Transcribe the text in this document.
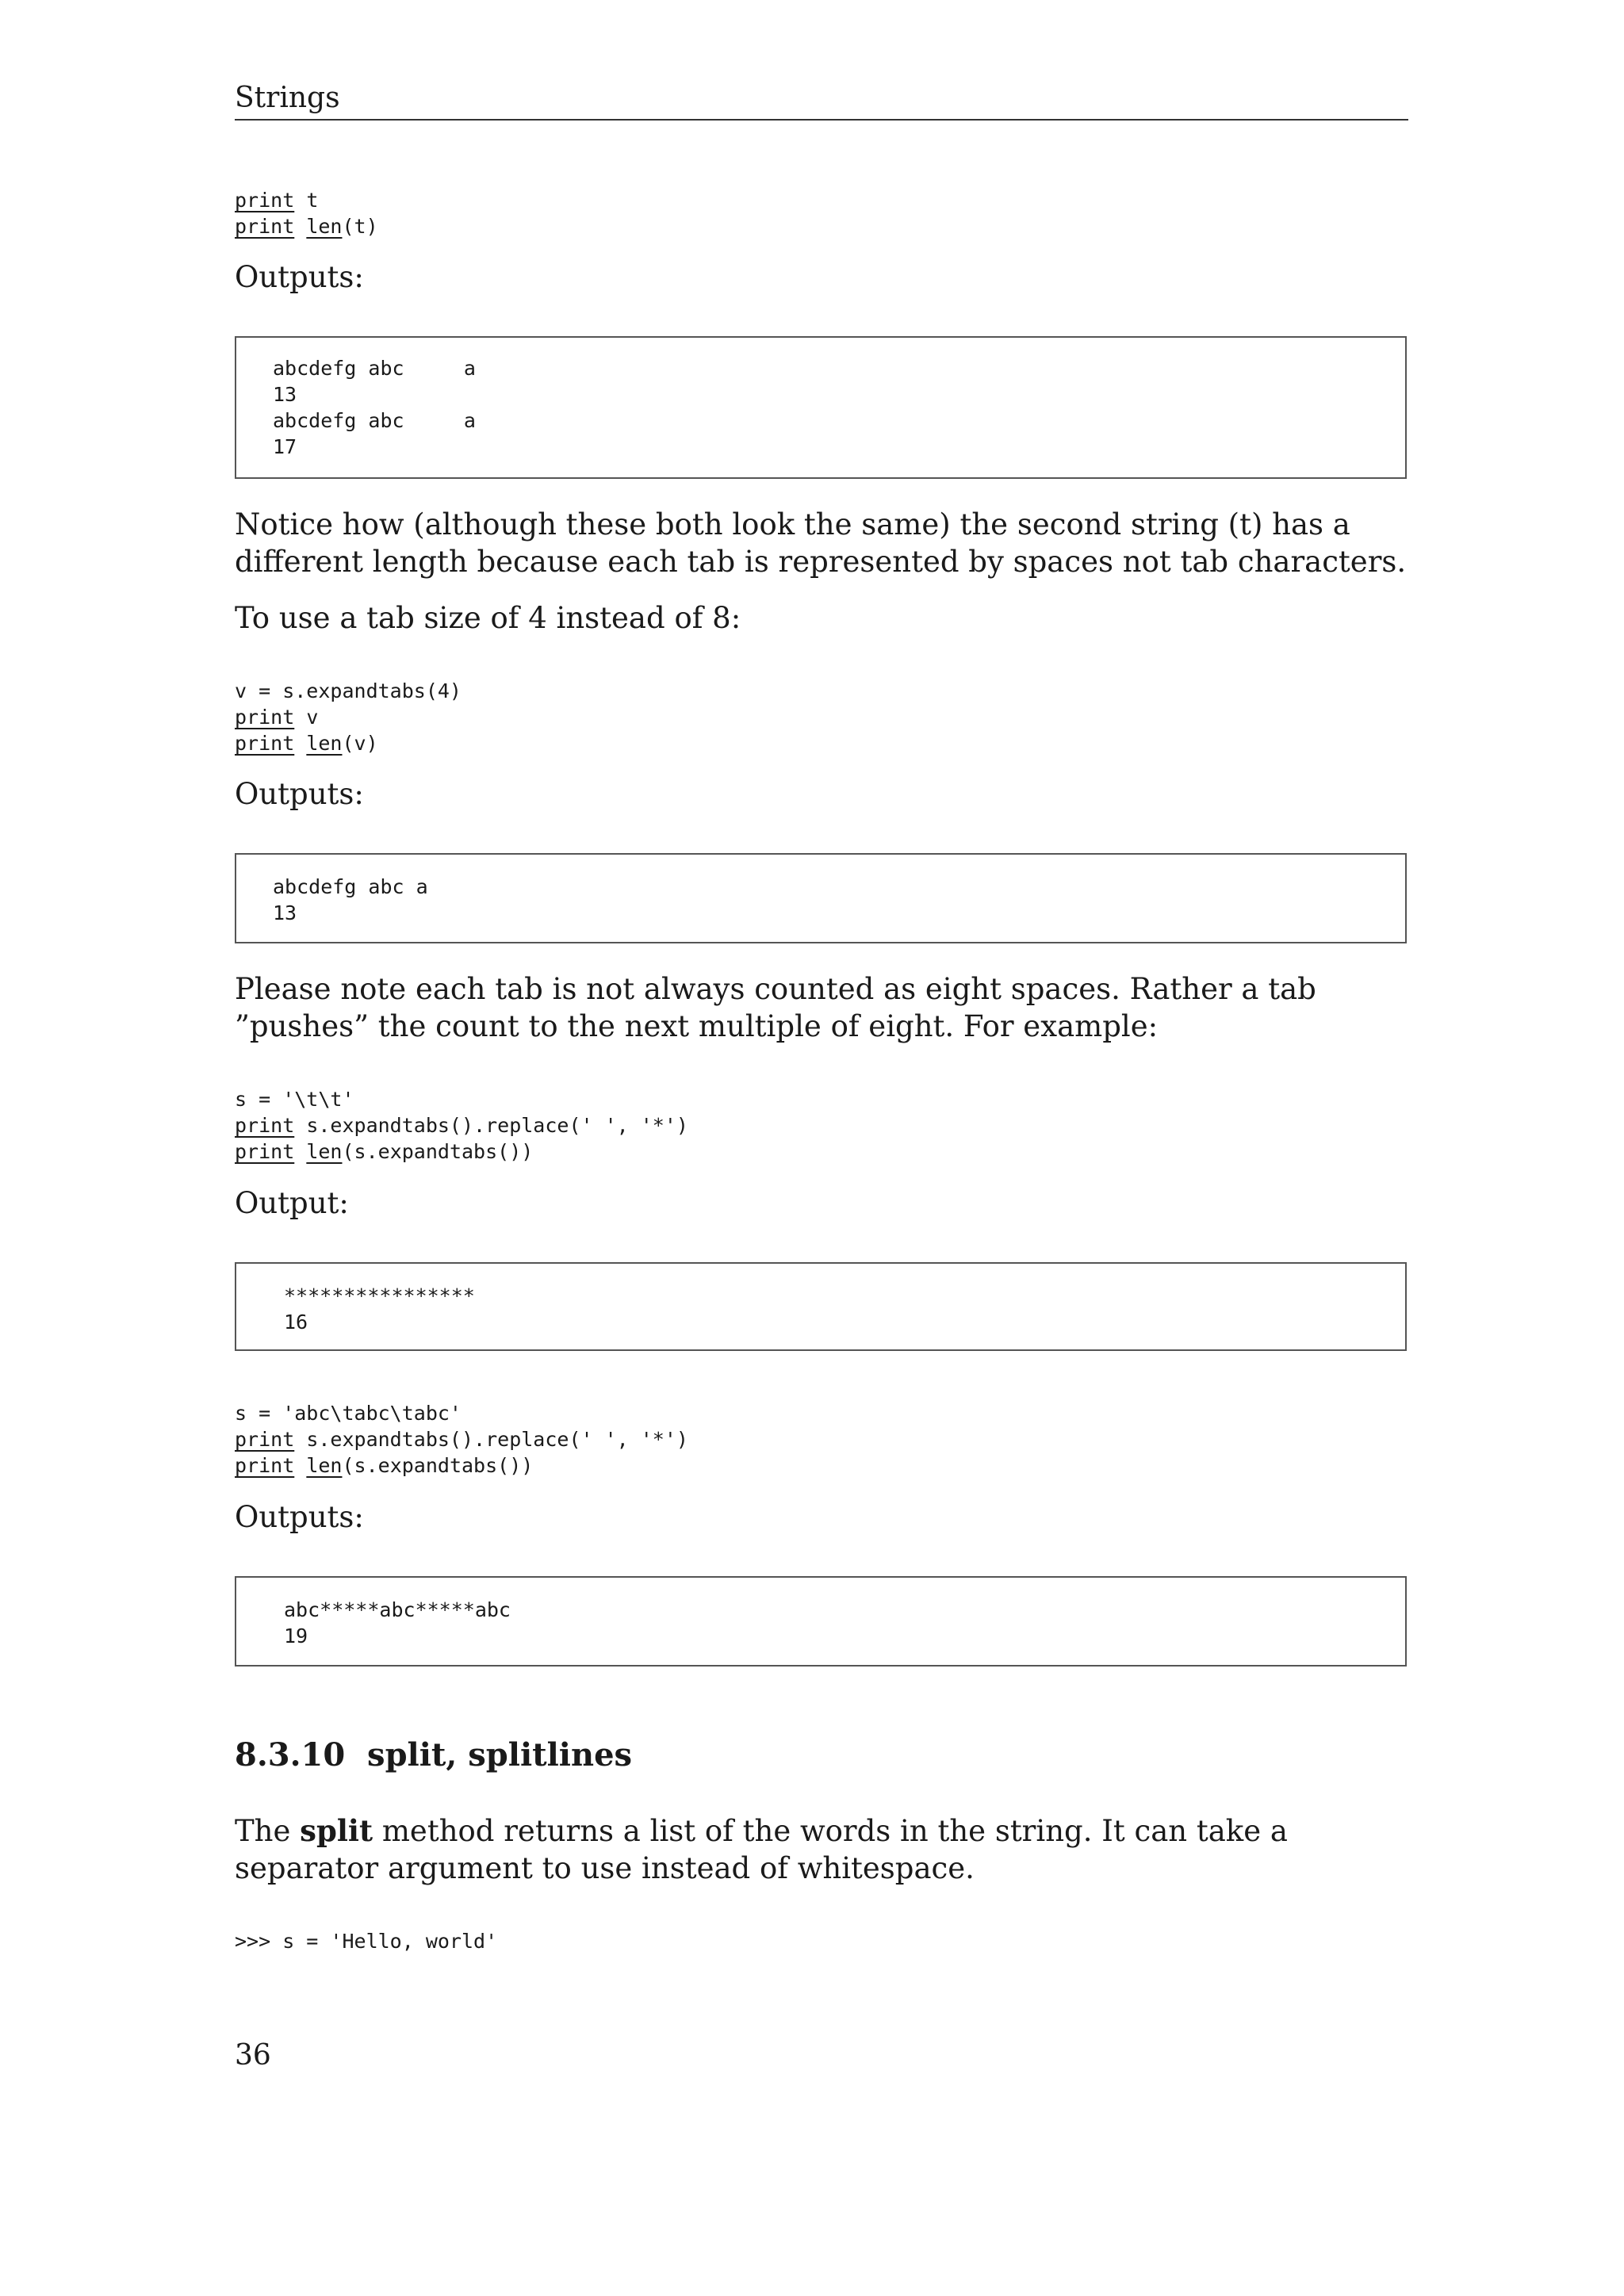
Strings
print t
print len(t)
Outputs:
abcdefg abc     a
13
abcdefg abc     a
17
Notice how (although these both look the same) the second string (t) has a different length because each tab is represented by spaces not tab characters.
To use a tab size of 4 instead of 8:
v = s.expandtabs(4)
print v
print len(v)
Outputs:
abcdefg abc a
13
Please note each tab is not always counted as eight spaces. Rather a tab ”pushes” the count to the next multiple of eight. For example:
s = '\t\t'
print s.expandtabs().replace(' ', '*')
print len(s.expandtabs())
Output:
****************
16
s = 'abc\tabc\tabc'
print s.expandtabs().replace(' ', '*')
print len(s.expandtabs())
Outputs:
abc*****abc*****abc
19
8.3.10 split, splitlines
The split method returns a list of the words in the string. It can take a separator argument to use instead of whitespace.
>>> s = 'Hello, world'
36
